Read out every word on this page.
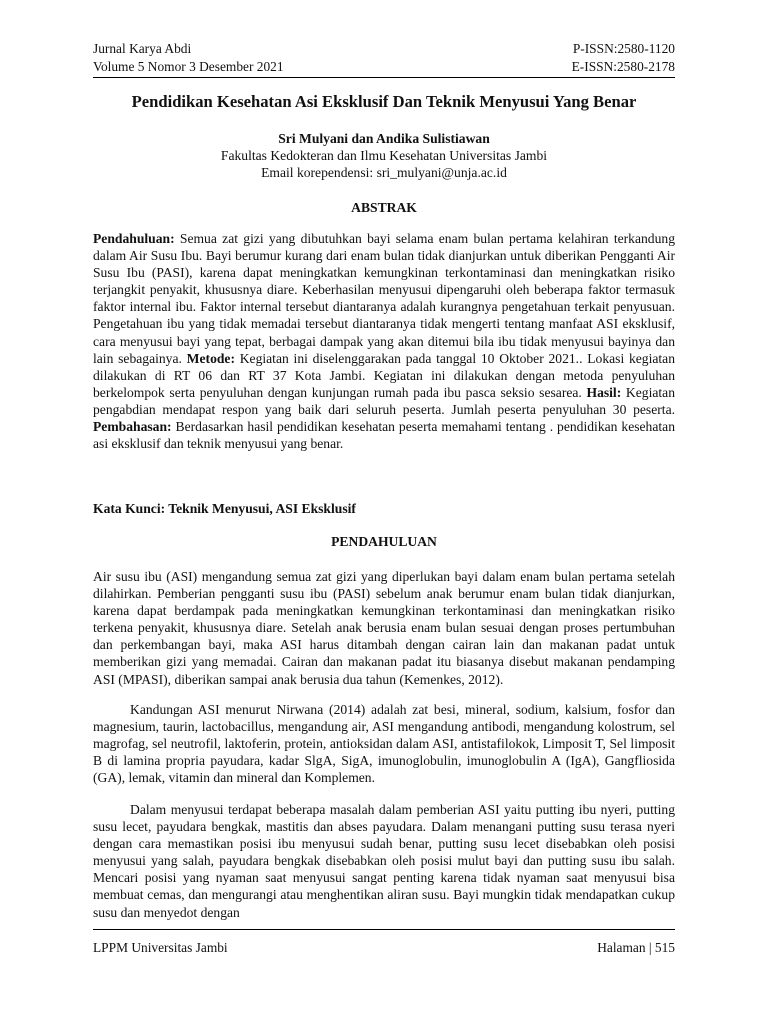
Jurnal Karya Abdi	P-ISSN:2580-1120
Volume 5 Nomor 3 Desember 2021	E-ISSN:2580-2178
Pendidikan Kesehatan Asi Eksklusif Dan Teknik Menyusui Yang Benar
Sri Mulyani dan Andika Sulistiawan
Fakultas Kedokteran dan Ilmu Kesehatan Universitas Jambi
Email korependensi: sri_mulyani@unja.ac.id
ABSTRAK

Pendahuluan: Semua zat gizi yang dibutuhkan bayi selama enam bulan pertama kelahiran terkandung dalam Air Susu Ibu. Bayi berumur kurang dari enam bulan tidak dianjurkan untuk diberikan Pengganti Air Susu Ibu (PASI), karena dapat meningkatkan kemungkinan terkontaminasi dan meningkatkan risiko terjangkit penyakit, khususnya diare. Keberhasilan menyusui dipengaruhi oleh beberapa faktor termasuk faktor internal ibu. Faktor internal tersebut diantaranya adalah kurangnya pengetahuan terkait penyusuan. Pengetahuan ibu yang tidak memadai tersebut diantaranya tidak mengerti tentang manfaat ASI eksklusif, cara menyusui bayi yang tepat, berbagai dampak yang akan ditemui bila ibu tidak menyusui bayinya dan lain sebagainya. Metode: Kegiatan ini diselenggarakan pada tanggal 10 Oktober 2021.. Lokasi kegiatan dilakukan di RT 06 dan RT 37 Kota Jambi. Kegiatan ini dilakukan dengan metoda penyuluhan berkelompok serta penyuluhan dengan kunjungan rumah pada ibu pasca seksio sesarea. Hasil: Kegiatan pengabdian mendapat respon yang baik dari seluruh peserta. Jumlah peserta penyuluhan 30 peserta. Pembahasan: Berdasarkan hasil pendidikan kesehatan peserta memahami tentang . pendidikan kesehatan asi eksklusif dan teknik menyusui yang benar.

Kata Kunci: Teknik Menyusui, ASI Eksklusif
PENDAHULUAN

Air susu ibu (ASI) mengandung semua zat gizi yang diperlukan bayi dalam enam bulan pertama setelah dilahirkan. Pemberian pengganti susu ibu (PASI) sebelum anak berumur enam bulan tidak dianjurkan, karena dapat berdampak pada meningkatkan kemungkinan terkontaminasi dan meningkatkan risiko terkena penyakit, khususnya diare. Setelah anak berusia enam bulan sesuai dengan proses pertumbuhan dan perkembangan bayi, maka ASI harus ditambah dengan cairan lain dan makanan padat untuk memberikan gizi yang memadai. Cairan dan makanan padat itu biasanya disebut makanan pendamping ASI (MPASI), diberikan sampai anak berusia dua tahun (Kemenkes, 2012).

Kandungan ASI menurut Nirwana (2014) adalah zat besi, mineral, sodium, kalsium, fosfor dan magnesium, taurin, lactobacillus, mengandung air, ASI mengandung antibodi, mengandung kolostrum, sel magrofag, sel neutrofil, laktoferin, protein, antioksidan dalam ASI, antistafilokok, Limposit T, Sel limposit B di lamina propria payudara, kadar SlgA, SigA, imunoglobulin, imunoglobulin A (IgA), Gangfliosida (GA), lemak, vitamin dan mineral dan Komplemen.

Dalam menyusui terdapat beberapa masalah dalam pemberian ASI yaitu putting ibu nyeri, putting susu lecet, payudara bengkak, mastitis dan abses payudara. Dalam menangani putting susu terasa nyeri dengan cara memastikan posisi ibu menyusui sudah benar, putting susu lecet disebabkan oleh posisi menyusui yang salah, payudara bengkak disebabkan oleh posisi mulut bayi dan putting susu ibu salah. Mencari posisi yang nyaman saat menyusui sangat penting karena tidak nyaman saat menyusui bisa membuat cemas, dan mengurangi atau menghentikan aliran susu. Bayi mungkin tidak mendapatkan cukup susu dan menyedot dengan

LPPM Universitas Jambi	Halaman | 515
